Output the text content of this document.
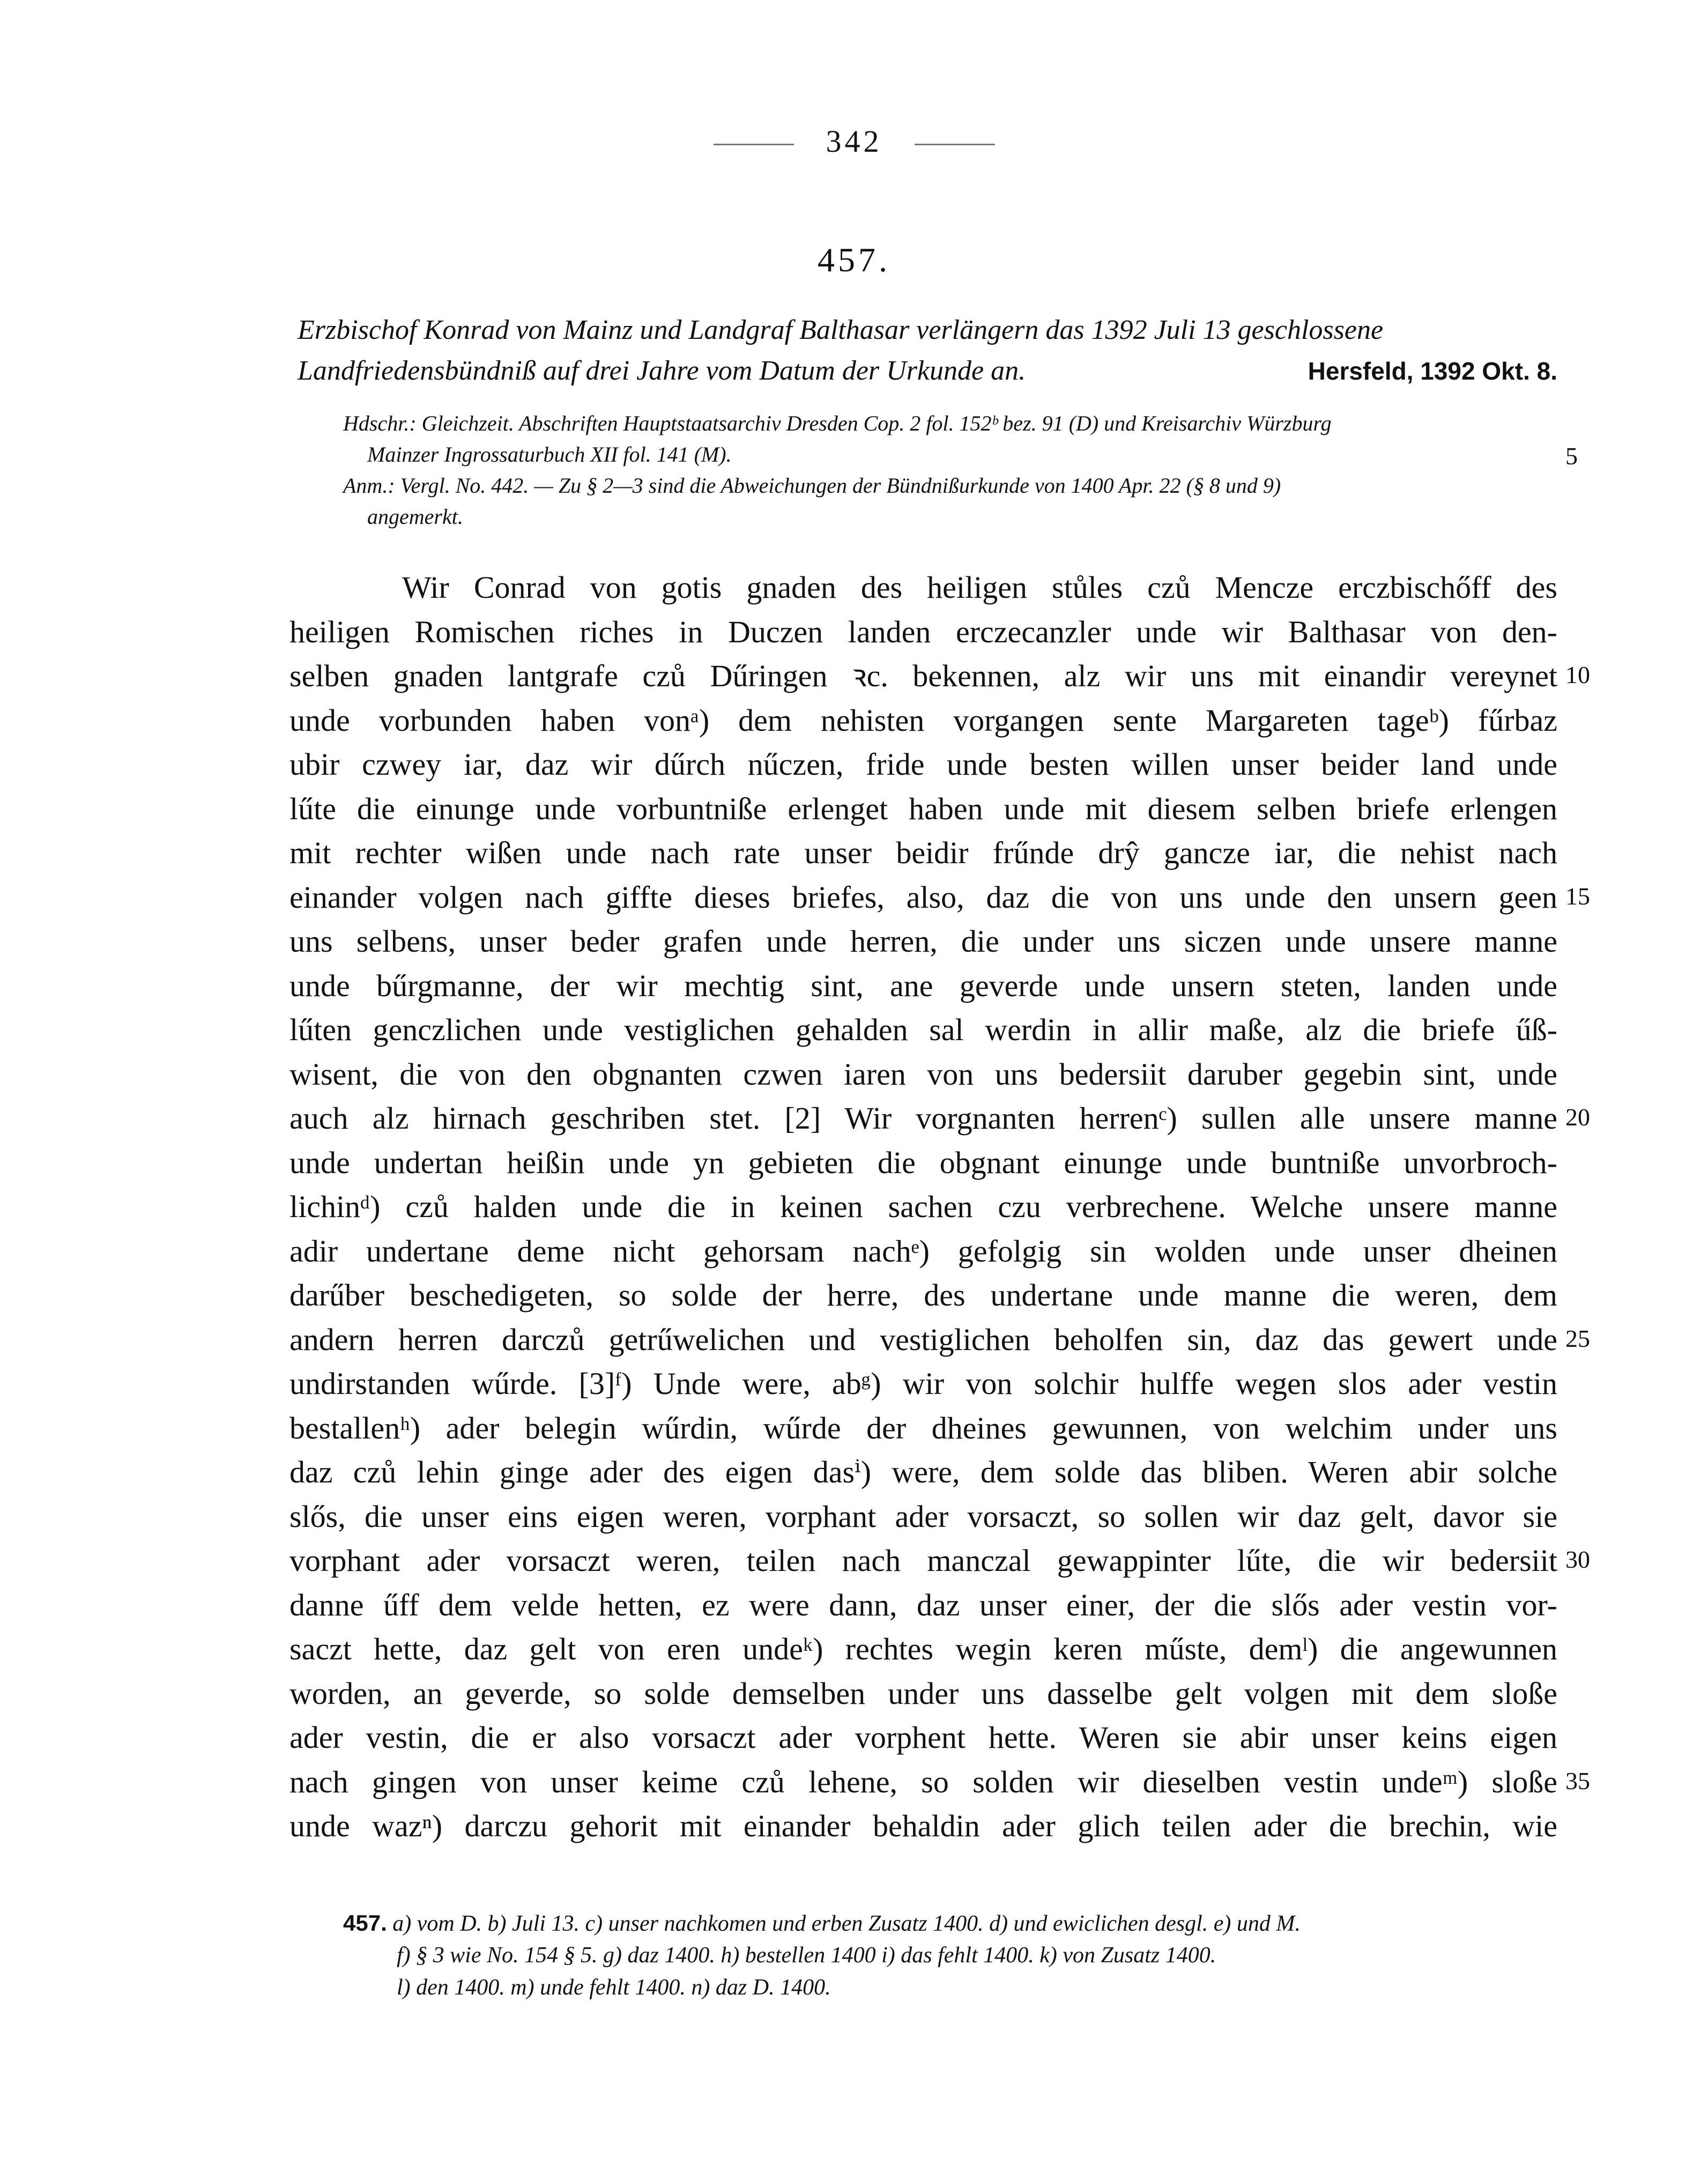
342
457.
Erzbischof Konrad von Mainz und Landgraf Balthasar verlängern das 1392 Juli 13 geschlossene
Landfriedensbündniß auf drei Jahre vom Datum der Urkunde an.	Hersfeld, 1392 Okt. 8.
Hdschr.: Gleichzeit. Abschriften Hauptstaatsarchiv Dresden Cop. 2 fol. 152ᵇ bez. 91 (D) und Kreisarchiv Würzburg
Mainzer Ingrossaturbuch XII fol. 141 (M).	5
Anm.: Vergl. No. 442. — Zu § 2—3 sind die Abweichungen der Bündnißurkunde von 1400 Apr. 22 (§ 8 und 9)
angemerkt.
Wir Conrad von gotis gnaden des heiligen stůles czů Mencze erczbischőff des
heiligen Romischen riches in Duczen landen erczecanzler unde wir Balthasar von den-
selben gnaden lantgrafe czů Dűringen ꝛc. bekennen, alz wir uns mit einandir vereynet
unde vorbunden haben vonᵃ) dem nehisten vorgangen sente Margareten tageᵇ) fűrbaz
ubir czwey iar, daz wir dűrch nűczen, fride unde besten willen unser beider land unde
lűte die einunge unde vorbuntniße erlenget haben unde mit diesem selben briefe erlengen
mit rechter wißen unde nach rate unser beidir frűnde drŷ gancze iar, die nehist nach
einander volgen nach giffte dieses briefes, also, daz die von uns unde den unsern geen
uns selbens, unser beder grafen unde herren, die under uns siczen unde unsere manne
unde bűrgmanne, der wir mechtig sint, ane geverde unde unsern steten, landen unde
lűten genczlichen unde vestiglichen gehalden sal werdin in allir maße, alz die briefe űß-
wisent, die von den obgnanten czwen iaren von uns bedersiit daruber gegebin sint, unde
auch alz hirnach geschriben stet. [2] Wir vorgnanten herrenᶜ) sullen alle unsere manne
unde undertan heißin unde yn gebieten die obgnant einunge unde buntniße unvorbroch-
lichinᵈ) czů halden unde die in keinen sachen czu verbrechene. Welche unsere manne
adir undertane deme nicht gehorsam nachᵉ) gefolgig sin wolden unde unser dheinen
darűber beschedigeten, so solde der herre, des undertane unde manne die weren, dem
andern herren darczů getrűwelichen und vestiglichen beholfen sin, daz das gewert unde
undirstanden wűrde. [3]ᶠ) Unde were, abᵍ) wir von solchir hulffe wegen slos ader vestin
bestallenʰ) ader belegin wűrdin, wűrde der dheines gewunnen, von welchim under uns
daz czů lehin ginge ader des eigen dasⁱ) were, dem solde das bliben. Weren abir solche
slős, die unser eins eigen weren, vorphant ader vorsaczt, so sollen wir daz gelt, davor sie
vorphant ader vorsaczt weren, teilen nach manczal gewappinter lűte, die wir bedersiit
danne űff dem velde hetten, ez were dann, daz unser einer, der die slős ader vestin vor-
saczt hette, daz gelt von eren undeᵏ) rechtes wegin keren műste, demˡ) die angewunnen
worden, an geverde, so solde demselben under uns dasselbe gelt volgen mit dem sloße
ader vestin, die er also vorsaczt ader vorphent hette. Weren sie abir unser keins eigen
nach gingen von unser keime czů lehene, so solden wir dieselben vestin undeᵐ) sloße
unde wazⁿ) darczu gehorit mit einander behaldin ader glich teilen ader die brechin, wie
10
15
20
25
30
35
457. a) vom D. b) Juli 13. c) unser nachkomen und erben Zusatz 1400. d) und ewiclichen desgl. e) und M.
f) § 3 wie No. 154 § 5. g) daz 1400. h) bestellen 1400 i) das fehlt 1400. k) von Zusatz 1400.
l) den 1400. m) unde fehlt 1400. n) daz D. 1400.
